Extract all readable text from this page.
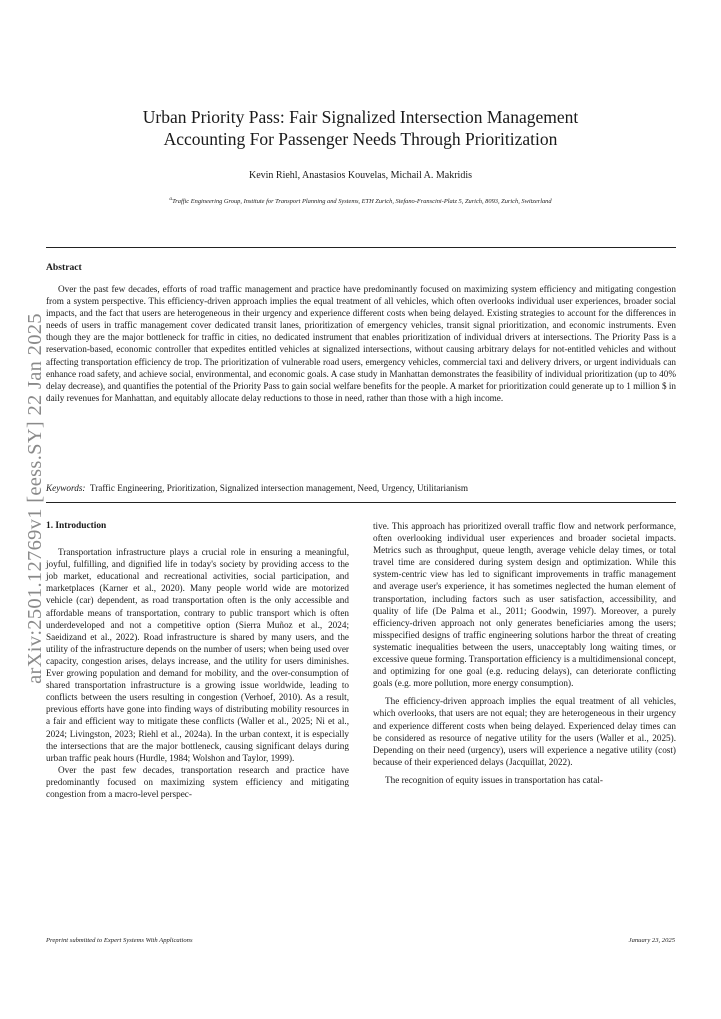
arXiv:2501.12769v1 [eess.SY] 22 Jan 2025
Urban Priority Pass: Fair Signalized Intersection Management
Accounting For Passenger Needs Through Prioritization
Kevin Riehl, Anastasios Kouvelas, Michail A. Makridis
$^a$Traffic Engineering Group, Institute for Transport Planning and Systems, ETH Zurich, Stefano-Franscini-Platz 5, Zurich, 8093, Zurich, Switzerland
Abstract

Over the past few decades, efforts of road traffic management and practice have predominantly focused on maximizing system efficiency and mitigating congestion from a system perspective. This efficiency-driven approach implies the equal treatment of all vehicles, which often overlooks individual user experiences, broader social impacts, and the fact that users are heterogeneous in their urgency and experience different costs when being delayed. Existing strategies to account for the differences in needs of users in traffic management cover dedicated transit lanes, prioritization of emergency vehicles, transit signal prioritization, and economic instruments. Even though they are the major bottleneck for traffic in cities, no dedicated instrument that enables prioritization of individual drivers at intersections. The Priority Pass is a reservation-based, economic controller that expedites entitled vehicles at signalized intersections, without causing arbitrary delays for not-entitled vehicles and without affecting transportation efficiency de trop. The prioritization of vulnerable road users, emergency vehicles, commercial taxi and delivery drivers, or urgent individuals can enhance road safety, and achieve social, environmental, and economic goals. A case study in Manhattan demonstrates the feasibility of individual prioritization (up to 40% delay decrease), and quantifies the potential of the Priority Pass to gain social welfare benefits for the people. A market for prioritization could generate up to 1 million $ in daily revenues for Manhattan, and equitably allocate delay reductions to those in need, rather than those with a high income.

Keywords: Traffic Engineering, Prioritization, Signalized intersection management, Need, Urgency, Utilitarianism
1. Introduction

Transportation infrastructure plays a crucial role in ensuring a meaningful, joyful, fulfilling, and dignified life in today's society by providing access to the job market, educational and recreational activities, social participation, and marketplaces (Karner et al., 2020). Many people world wide are motorized vehicle (car) dependent, as road transportation often is the only accessible and affordable means of transportation, contrary to public transport which is often underdeveloped and not a competitive option (Sierra Muñoz et al., 2024; Saeidizand et al., 2022). Road infrastructure is shared by many users, and the utility of the infrastructure depends on the number of users; when being used over capacity, congestion arises, delays increase, and the utility for users diminishes. Ever growing population and demand for mobility, and the over-consumption of shared transportation infrastructure is a growing issue worldwide, leading to conflicts between the users resulting in congestion (Verhoef, 2010). As a result, previous efforts have gone into finding ways of distributing mobility resources in a fair and efficient way to mitigate these conflicts (Waller et al., 2025; Ni et al., 2024; Livingston, 2023; Riehl et al., 2024a). In the urban context, it is especially the intersections that are the major bottleneck, causing significant delays during urban traffic peak hours (Hurdle, 1984; Wolshon and Taylor, 1999).

Over the past few decades, transportation research and practice have predominantly focused on maximizing system efficiency and mitigating congestion from a macro-level perspec-

tive. This approach has prioritized overall traffic flow and network performance, often overlooking individual user experiences and broader societal impacts. Metrics such as throughput, queue length, average vehicle delay times, or total travel time are considered during system design and optimization. While this system-centric view has led to significant improvements in traffic management and average user's experience, it has sometimes neglected the human element of transportation, including factors such as user satisfaction, accessibility, and quality of life (De Palma et al., 2011; Goodwin, 1997). Moreover, a purely efficiency-driven approach not only generates beneficiaries among the users; misspecified designs of traffic engineering solutions harbor the threat of creating systematic inequalities between the users, unacceptably long waiting times, or excessive queue forming. Transportation efficiency is a multidimensional concept, and optimizing for one goal (e.g. reducing delays), can deteriorate conflicting goals (e.g. more pollution, more energy consumption).

The efficiency-driven approach implies the equal treatment of all vehicles, which overlooks, that users are not equal; they are heterogeneous in their urgency and experience different costs when being delayed. Experienced delay times can be considered as resource of negative utility for the users (Waller et al., 2025). Depending on their need (urgency), users will experience a negative utility (cost) because of their experienced delays (Jacquillat, 2022).

The recognition of equity issues in transportation has catal-

Preprint submitted to Expert Systems With Applications	January 23, 2025
